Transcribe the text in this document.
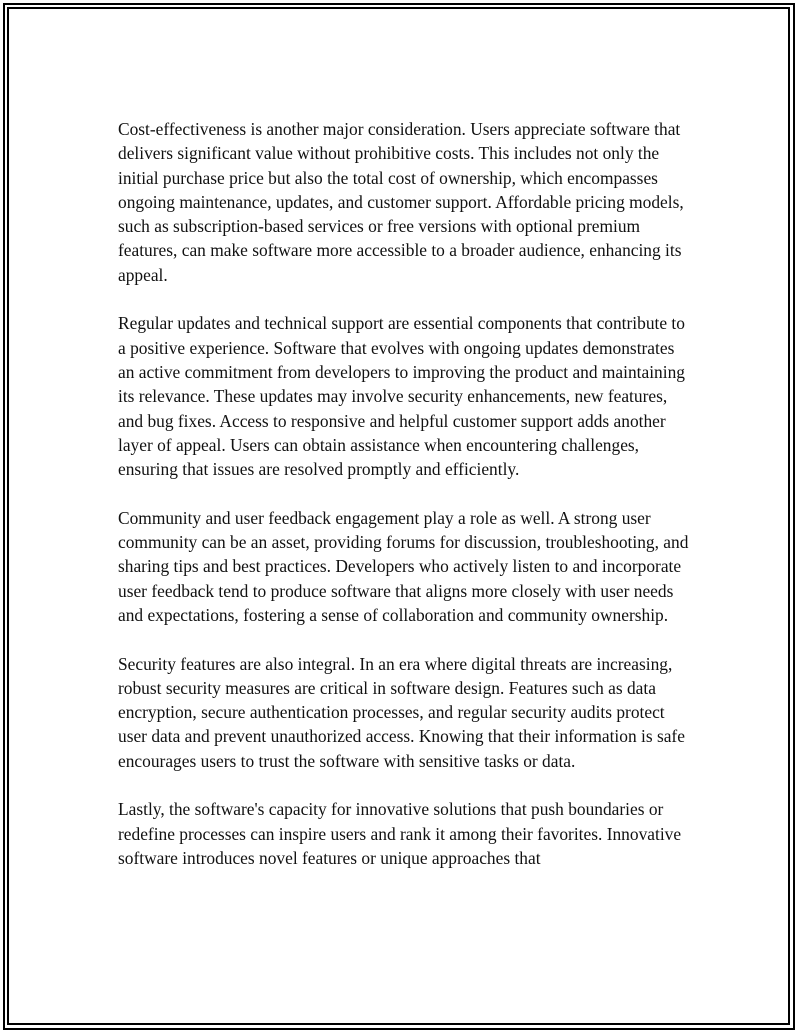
Cost-effectiveness is another major consideration. Users appreciate software that delivers significant value without prohibitive costs. This includes not only the initial purchase price but also the total cost of ownership, which encompasses ongoing maintenance, updates, and customer support. Affordable pricing models, such as subscription-based services or free versions with optional premium features, can make software more accessible to a broader audience, enhancing its appeal.

Regular updates and technical support are essential components that contribute to a positive experience. Software that evolves with ongoing updates demonstrates an active commitment from developers to improving the product and maintaining its relevance. These updates may involve security enhancements, new features, and bug fixes. Access to responsive and helpful customer support adds another layer of appeal. Users can obtain assistance when encountering challenges, ensuring that issues are resolved promptly and efficiently.

Community and user feedback engagement play a role as well. A strong user community can be an asset, providing forums for discussion, troubleshooting, and sharing tips and best practices. Developers who actively listen to and incorporate user feedback tend to produce software that aligns more closely with user needs and expectations, fostering a sense of collaboration and community ownership.

Security features are also integral. In an era where digital threats are increasing, robust security measures are critical in software design. Features such as data encryption, secure authentication processes, and regular security audits protect user data and prevent unauthorized access. Knowing that their information is safe encourages users to trust the software with sensitive tasks or data.

Lastly, the software's capacity for innovative solutions that push boundaries or redefine processes can inspire users and rank it among their favorites. Innovative software introduces novel features or unique approaches that
